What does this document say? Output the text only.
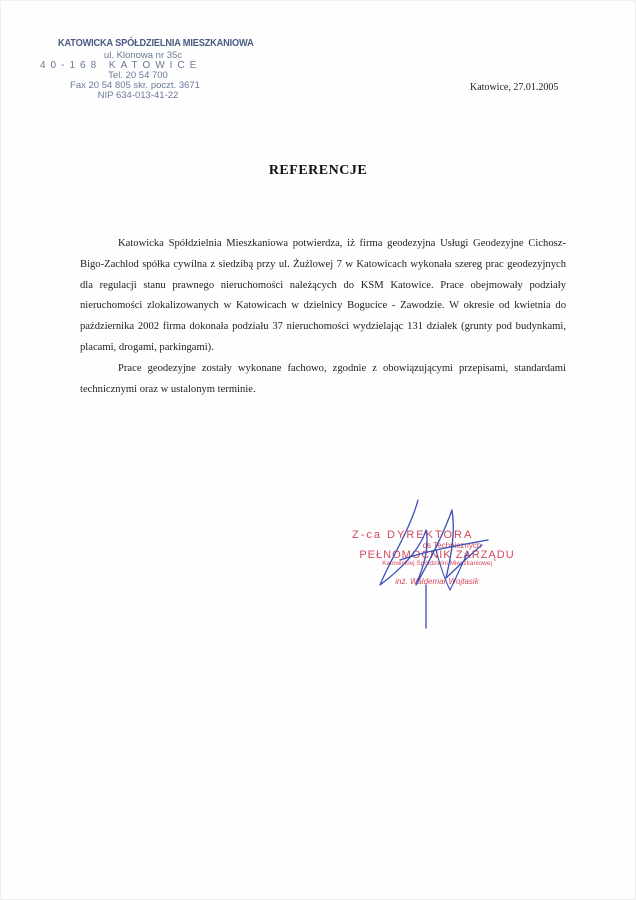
KATOWICKA SPÓŁDZIELNIA MIESZKANIOWA
ul. Klonowa nr 35c
40-168 KATOWICE
Tel. 20 54 700
Fax 20 54 805 skr. poczt. 3671
NIP 634-013-41-22
Katowice, 27.01.2005
REFERENCJE

Katowicka Spółdzielnia Mieszkaniowa potwierdza, iż firma geodezyjna Usługi Geodezyjne Cichosz-Bigo-Zachlod spółka cywilna z siedzibą przy ul. Żużlowej 7 w Katowicach wykonała szereg prac geodezyjnych dla regulacji stanu prawnego nieruchomości należących do KSM Katowice. Prace obejmowały podziały nieruchomości zlokalizowanych w Katowicach w dzielnicy Bogucice - Zawodzie. W okresie od kwietnia do października 2002 firma dokonała podziału 37 nieruchomości wydzielając 131 działek (grunty pod budynkami, placami, drogami, parkingami).

Prace geodezyjne zostały wykonane fachowo, zgodnie z obowiązującymi przepisami, standardami technicznymi oraz w ustalonym terminie.

Z-ca DYREKTORA
ds Technicznych
PEŁNOMOCNIK ZARZĄDU
Katowickiej Spółdzielni Mieszkaniowej
inż. Waldemar Wojtasik
